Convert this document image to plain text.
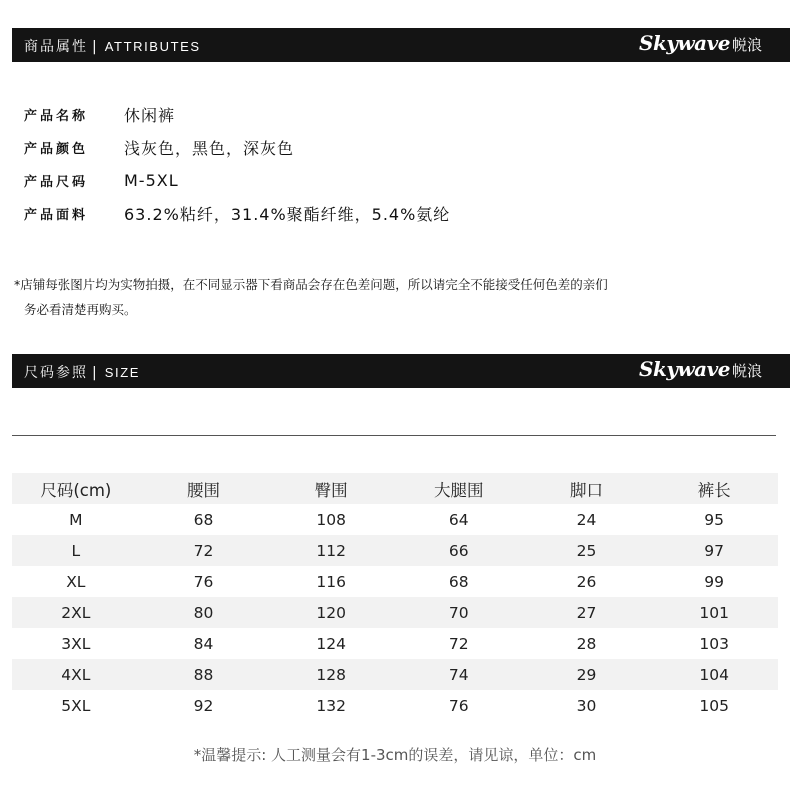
商品属性 | ATTRIBUTES	Skywave 帨浪
产品名称	休闲裤
产品颜色	浅灰色，黑色，深灰色
产品尺码	M-5XL
产品面料	63.2%粘纤，31.4%聚酯纤维，5.4%氨纶
*店铺每张图片均为实物拍摄，在不同显示器下看商品会存在色差问题，所以请完全不能接受任何色差的亲们
务必看清楚再购买。
尺码参照 | SIZE	Skywave 帨浪
尺码(cm)	腰围	臀围	大腿围	脚口	裤长
M	68	108	64	24	95
L	72	112	66	25	97
XL	76	116	68	26	99
2XL	80	120	70	27	101
3XL	84	124	72	28	103
4XL	88	128	74	29	104
5XL	92	132	76	30	105
*温馨提示: 人工测量会有1-3cm的误差，请见谅，单位：cm
